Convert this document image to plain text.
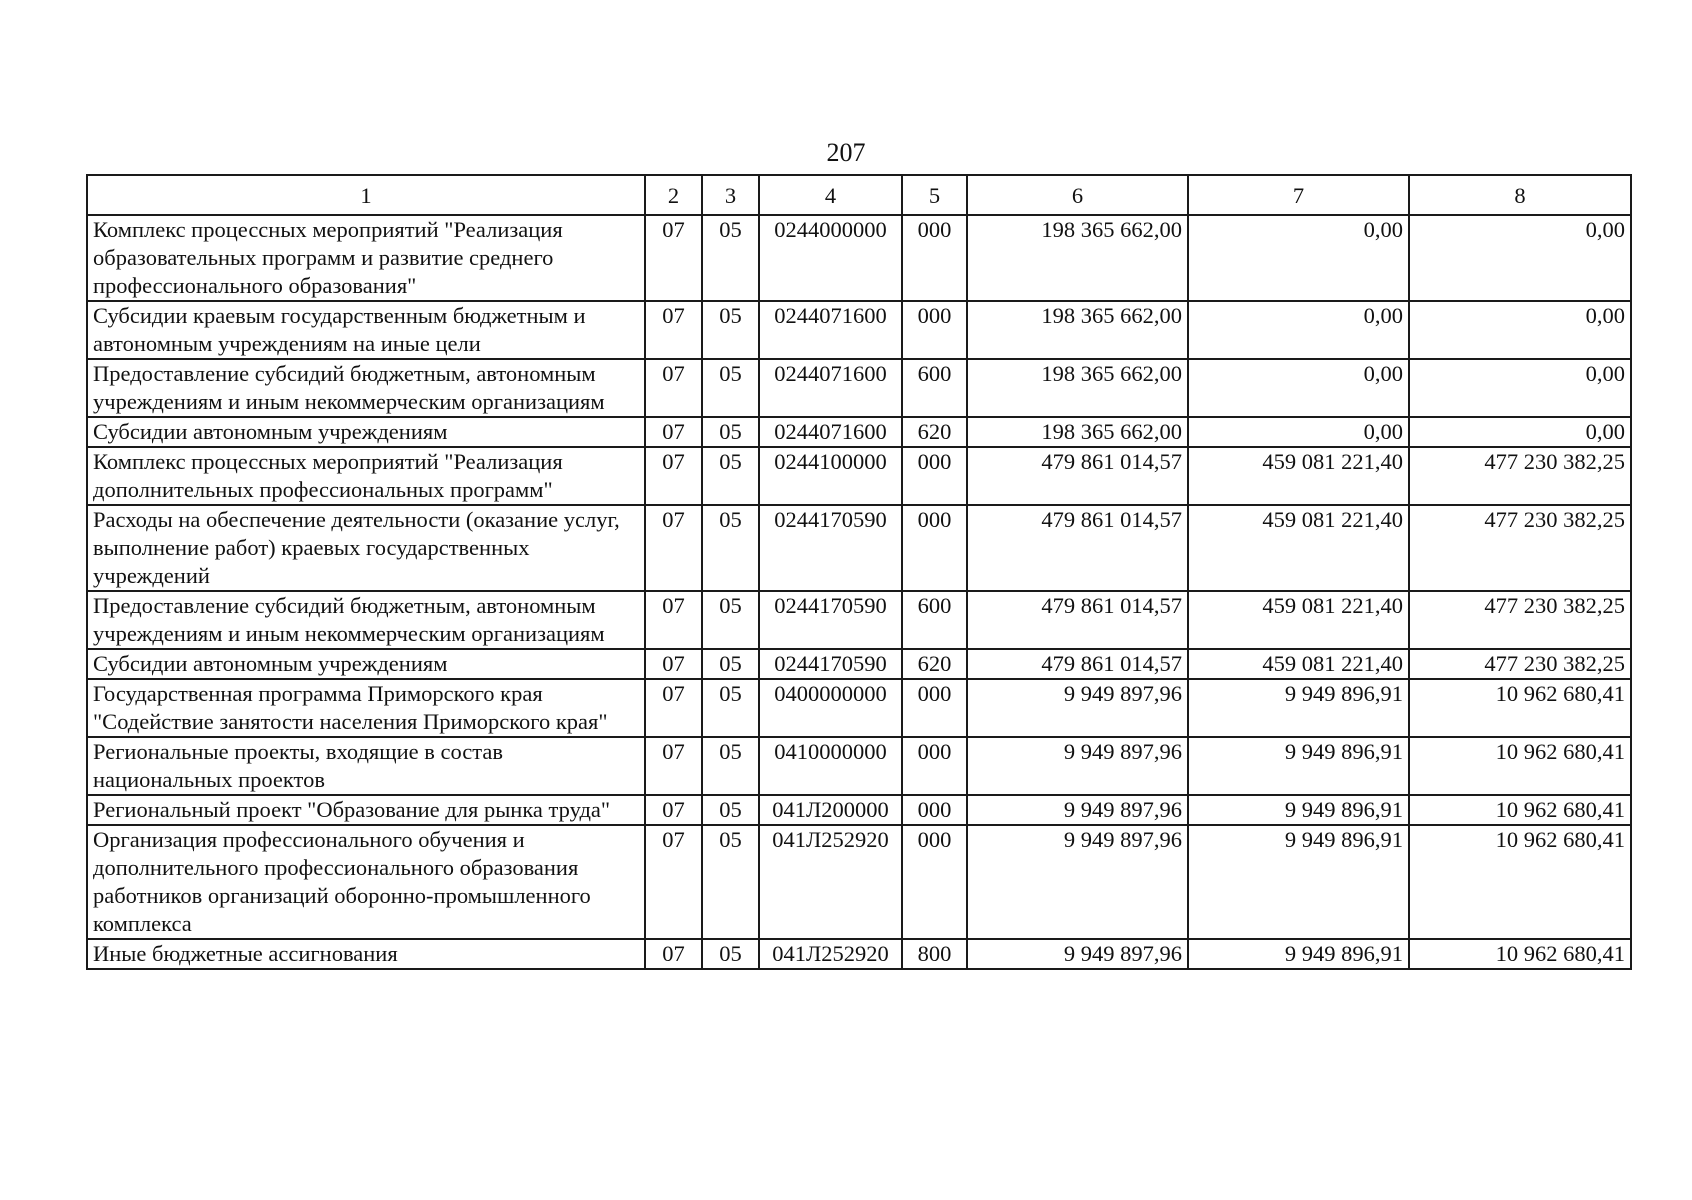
207
1	2	3	4	5	6	7	8
Комплекс процессных мероприятий "Реализация образовательных программ и развитие среднего профессионального образования"	07	05	0244000000	000	198 365 662,00	0,00	0,00
Субсидии краевым государственным бюджетным и автономным учреждениям на иные цели	07	05	0244071600	000	198 365 662,00	0,00	0,00
Предоставление субсидий бюджетным, автономным учреждениям и иным некоммерческим организациям	07	05	0244071600	600	198 365 662,00	0,00	0,00
Субсидии автономным учреждениям	07	05	0244071600	620	198 365 662,00	0,00	0,00
Комплекс процессных мероприятий "Реализация дополнительных профессиональных программ"	07	05	0244100000	000	479 861 014,57	459 081 221,40	477 230 382,25
Расходы на обеспечение деятельности (оказание услуг, выполнение работ) краевых государственных учреждений	07	05	0244170590	000	479 861 014,57	459 081 221,40	477 230 382,25
Предоставление субсидий бюджетным, автономным учреждениям и иным некоммерческим организациям	07	05	0244170590	600	479 861 014,57	459 081 221,40	477 230 382,25
Субсидии автономным учреждениям	07	05	0244170590	620	479 861 014,57	459 081 221,40	477 230 382,25
Государственная программа Приморского края "Содействие занятости населения Приморского края"	07	05	0400000000	000	9 949 897,96	9 949 896,91	10 962 680,41
Региональные проекты, входящие в состав национальных проектов	07	05	0410000000	000	9 949 897,96	9 949 896,91	10 962 680,41
Региональный проект "Образование для рынка труда"	07	05	041Л200000	000	9 949 897,96	9 949 896,91	10 962 680,41
Организация профессионального обучения и дополнительного профессионального образования работников организаций оборонно-промышленного комплекса	07	05	041Л252920	000	9 949 897,96	9 949 896,91	10 962 680,41
Иные бюджетные ассигнования	07	05	041Л252920	800	9 949 897,96	9 949 896,91	10 962 680,41
